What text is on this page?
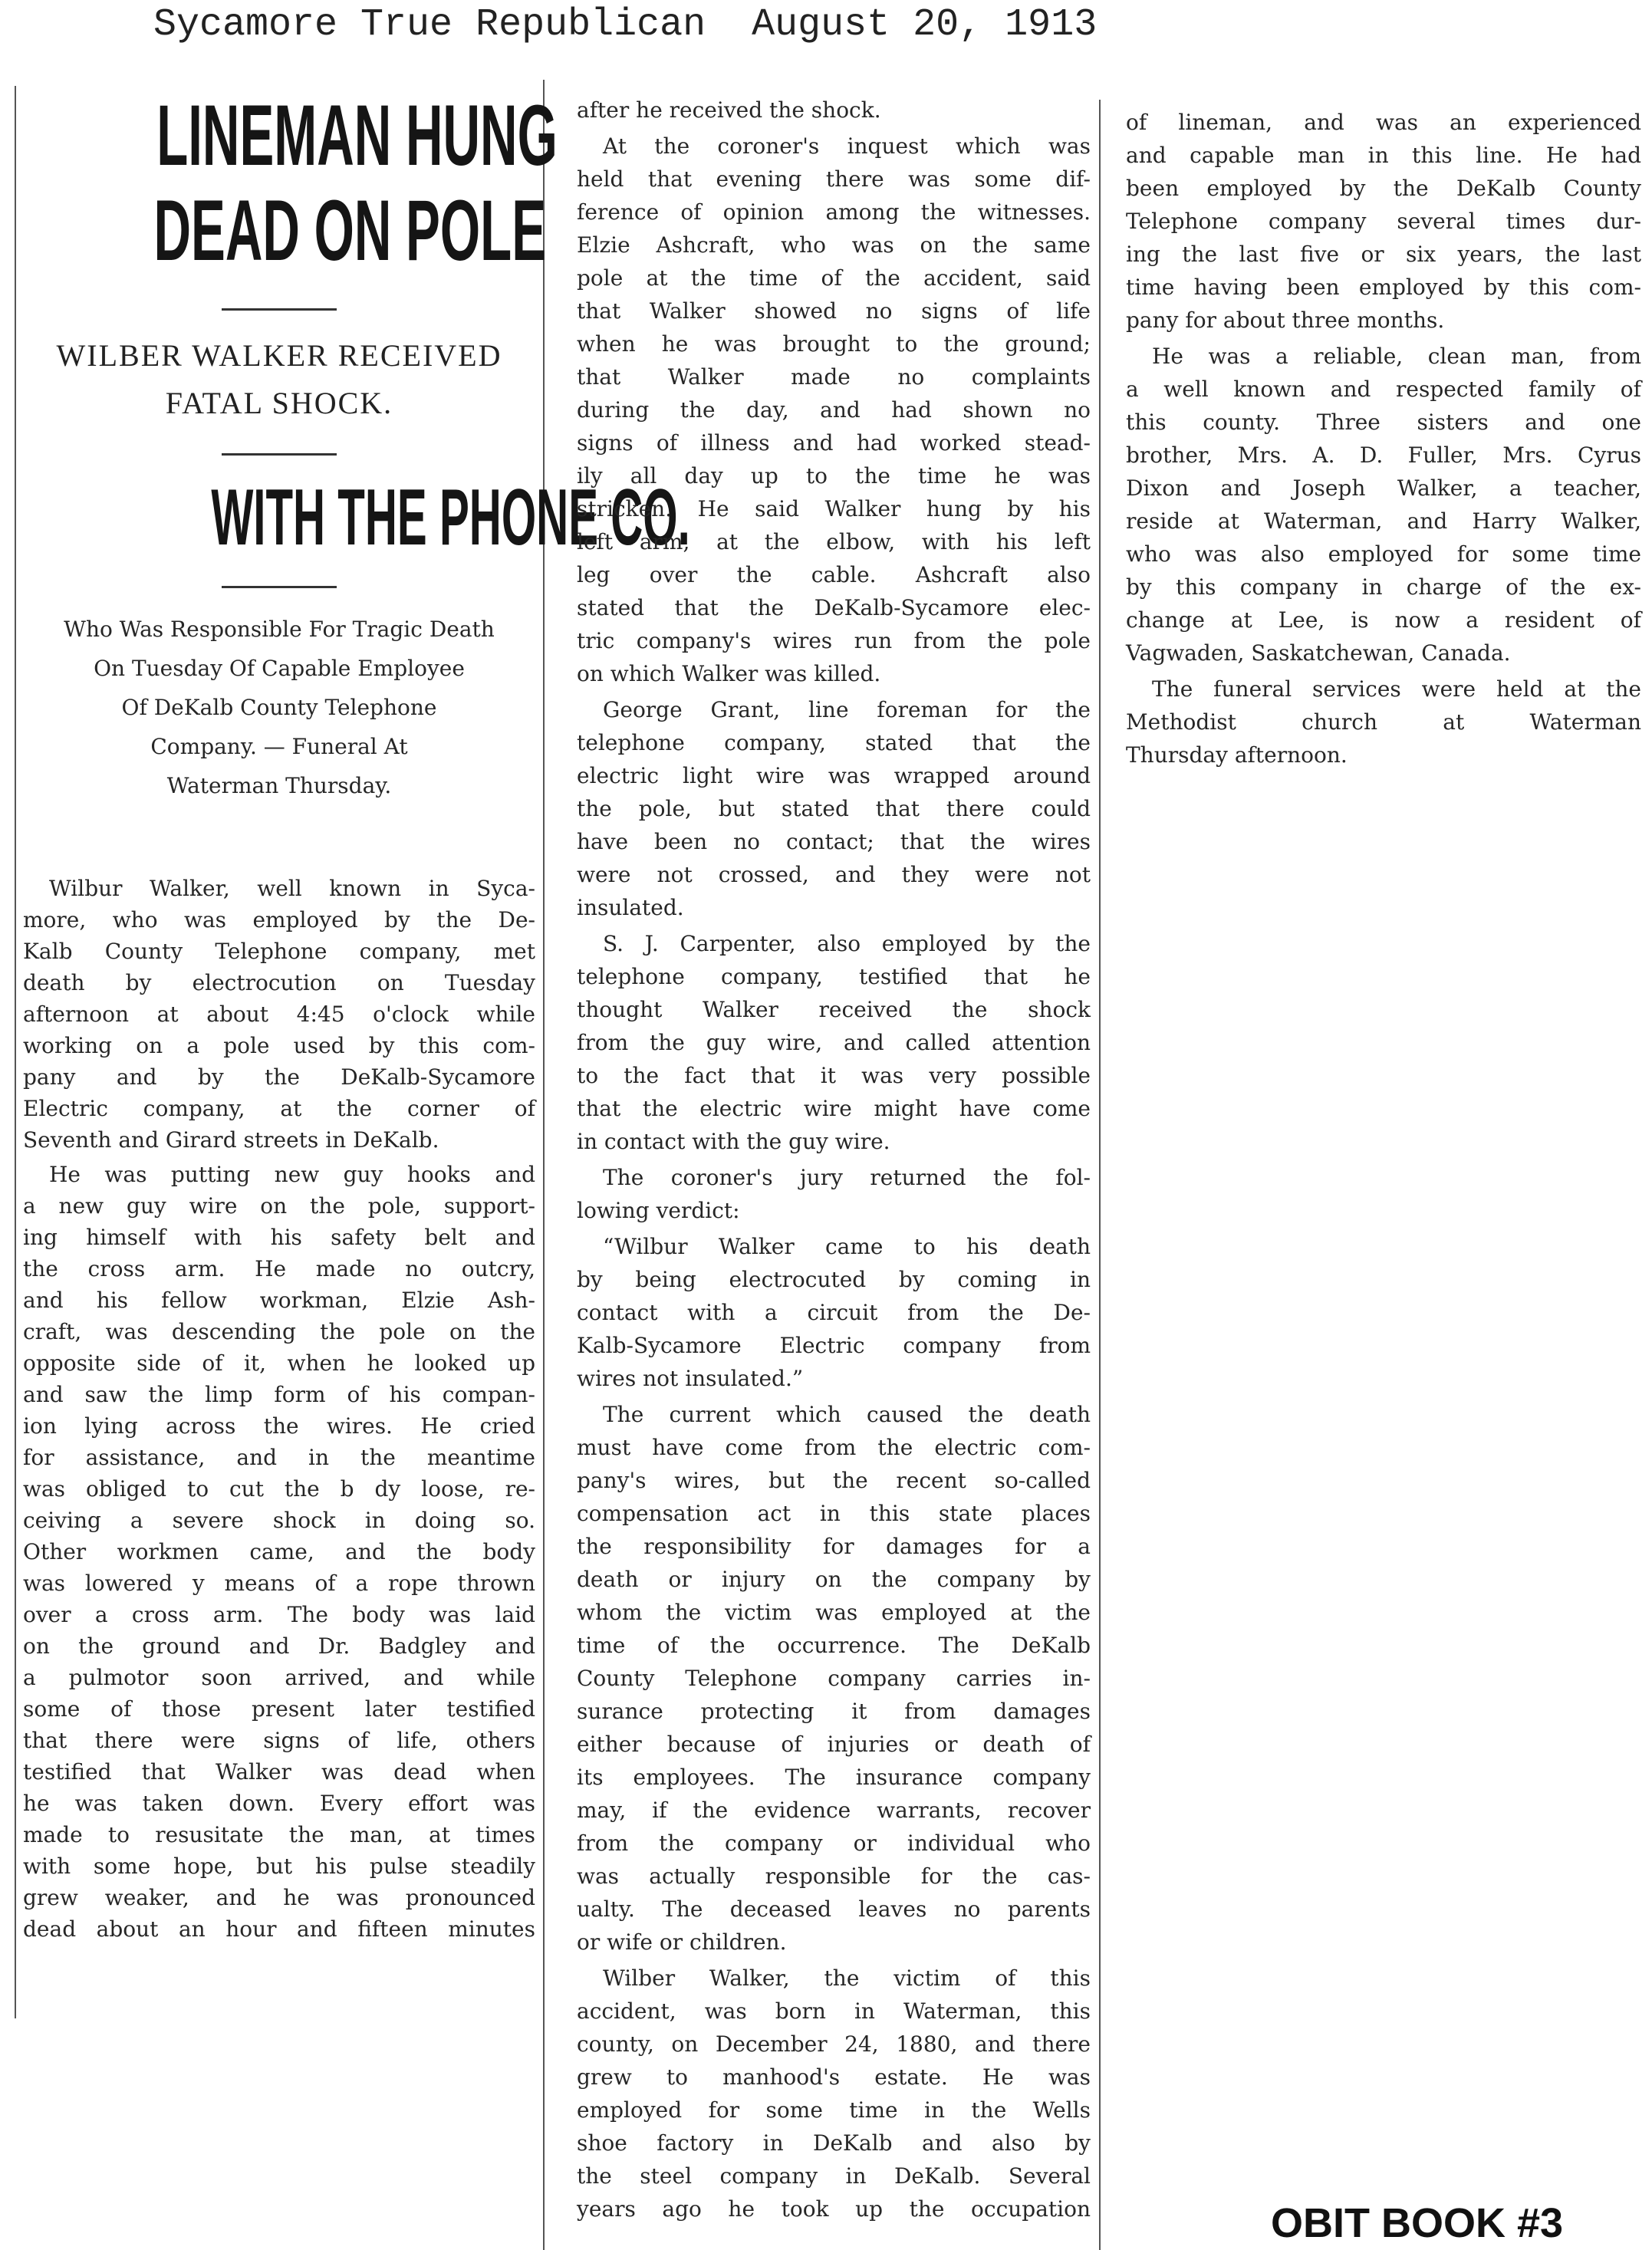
Sycamore True Republican  August 20, 1913
LINEMAN HUNG
DEAD ON POLE
WILBER WALKER RECEIVED
FATAL SHOCK.
WITH THE PHONE CO.
Who Was Responsible For Tragic Death
On Tuesday Of Capable Employee
Of DeKalb County Telephone
Company. — Funeral At
Waterman Thursday.
Wilbur Walker, well known in Syca-
more, who was employed by the De-
Kalb County Telephone company, met
death by electrocution on Tuesday
afternoon at about 4:45 o'clock while
working on a pole used by this com-
pany and by the DeKalb-Sycamore
Electric company, at the corner of
Seventh and Girard streets in DeKalb.
He was putting new guy hooks and
a new guy wire on the pole, support-
ing himself with his safety belt and
the cross arm. He made no outcry,
and his fellow workman, Elzie Ash-
craft, was descending the pole on the
opposite side of it, when he looked up
and saw the limp form of his compan-
ion lying across the wires. He cried
for assistance, and in the meantime
was obliged to cut the b dy loose, re-
ceiving a severe shock in doing so.
Other workmen came, and the body
was lowered y means of a rope thrown
over a cross arm. The body was laid
on the ground and Dr. Badgley and
a pulmotor soon arrived, and while
some of those present later testified
that there were signs of life, others
testified that Walker was dead when
he was taken down. Every effort was
made to resusitate the man, at times
with some hope, but his pulse steadily
grew weaker, and he was pronounced
dead about an hour and fifteen minutes
after he received the shock.
At the coroner's inquest which was
held that evening there was some dif-
ference of opinion among the witnesses.
Elzie Ashcraft, who was on the same
pole at the time of the accident, said
that Walker showed no signs of life
when he was brought to the ground;
that Walker made no complaints
during the day, and had shown no
signs of illness and had worked stead-
ily all day up to the time he was
stricken. He said Walker hung by his
left arm, at the elbow, with his left
leg over the cable. Ashcraft also
stated that the DeKalb-Sycamore elec-
tric company's wires run from the pole
on which Walker was killed.
George Grant, line foreman for the
telephone company, stated that the
electric light wire was wrapped around
the pole, but stated that there could
have been no contact; that the wires
were not crossed, and they were not
insulated.
S. J. Carpenter, also employed by the
telephone company, testified that he
thought Walker received the shock
from the guy wire, and called attention
to the fact that it was very possible
that the electric wire might have come
in contact with the guy wire.
The coroner's jury returned the fol-
lowing verdict:
“Wilbur Walker came to his death
by being electrocuted by coming in
contact with a circuit from the De-
Kalb-Sycamore Electric company from
wires not insulated.”
The current which caused the death
must have come from the electric com-
pany's wires, but the recent so-called
compensation act in this state places
the responsibility for damages for a
death or injury on the company by
whom the victim was employed at the
time of the occurrence. The DeKalb
County Telephone company carries in-
surance protecting it from damages
either because of injuries or death of
its employees. The insurance company
may, if the evidence warrants, recover
from the company or individual who
was actually responsible for the cas-
ualty. The deceased leaves no parents
or wife or children.
Wilber Walker, the victim of this
accident, was born in Waterman, this
county, on December 24, 1880, and there
grew to manhood's estate. He was
employed for some time in the Wells
shoe factory in DeKalb and also by
the steel company in DeKalb. Several
years ago he took up the occupation
of lineman, and was an experienced
and capable man in this line. He had
been employed by the DeKalb County
Telephone company several times dur-
ing the last five or six years, the last
time having been employed by this com-
pany for about three months.
He was a reliable, clean man, from
a well known and respected family of
this county. Three sisters and one
brother, Mrs. A. D. Fuller, Mrs. Cyrus
Dixon and Joseph Walker, a teacher,
reside at Waterman, and Harry Walker,
who was also employed for some time
by this company in charge of the ex-
change at Lee, is now a resident of
Vagwaden, Saskatchewan, Canada.
The funeral services were held at the
Methodist church at Waterman
Thursday afternoon.
OBIT BOOK #3
